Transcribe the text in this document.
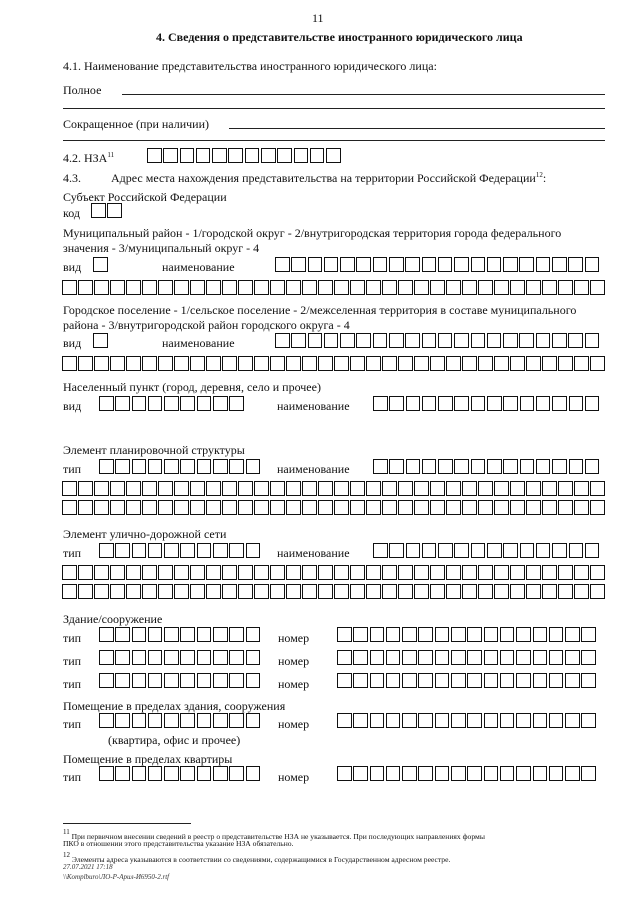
11
4. Сведения о представительстве иностранного юридического лица
4.1. Наименование представительства иностранного юридического лица:
Полное
Сокращенное (при наличии)
4.2. НЗА$^{11}$
4.3.	Адрес места нахождения представительства на территории Российской Федерации$^{12}$:
Субъект Российской Федерации
код
Муниципальный район - 1/городской округ - 2/внутригородская территория города федерального
значения - 3/муниципальный округ - 4
вид	наименование
Городское поселение - 1/сельское поселение - 2/межселенная территория в составе муниципального
района - 3/внутригородской район городского округа - 4
вид	наименование
Населенный пункт (город, деревня, село и прочее)
вид	наименование
Элемент планировочной структуры
тип	наименование
Элемент улично-дорожной сети
тип	наименование
Здание/сооружение
тип	номер
тип	номер
тип	номер
Помещение в пределах здания, сооружения
тип	номер
(квартира, офис и прочее)
Помещение в пределах квартиры
тип	номер
$^{11}$ При первичном внесении сведений в реестр о представительстве НЗА не указывается. При последующих направлениях формы
ПКО в отношении этого представительства указание НЗА обязательно.
$^{12}$ Элементы адреса указываются в соответствии со сведениями, содержащимися в Государственном адресном реестре.
27.07.2021 17:18
\\Komplburo\ЛО-Р-Арил-И6950-2.rtf
